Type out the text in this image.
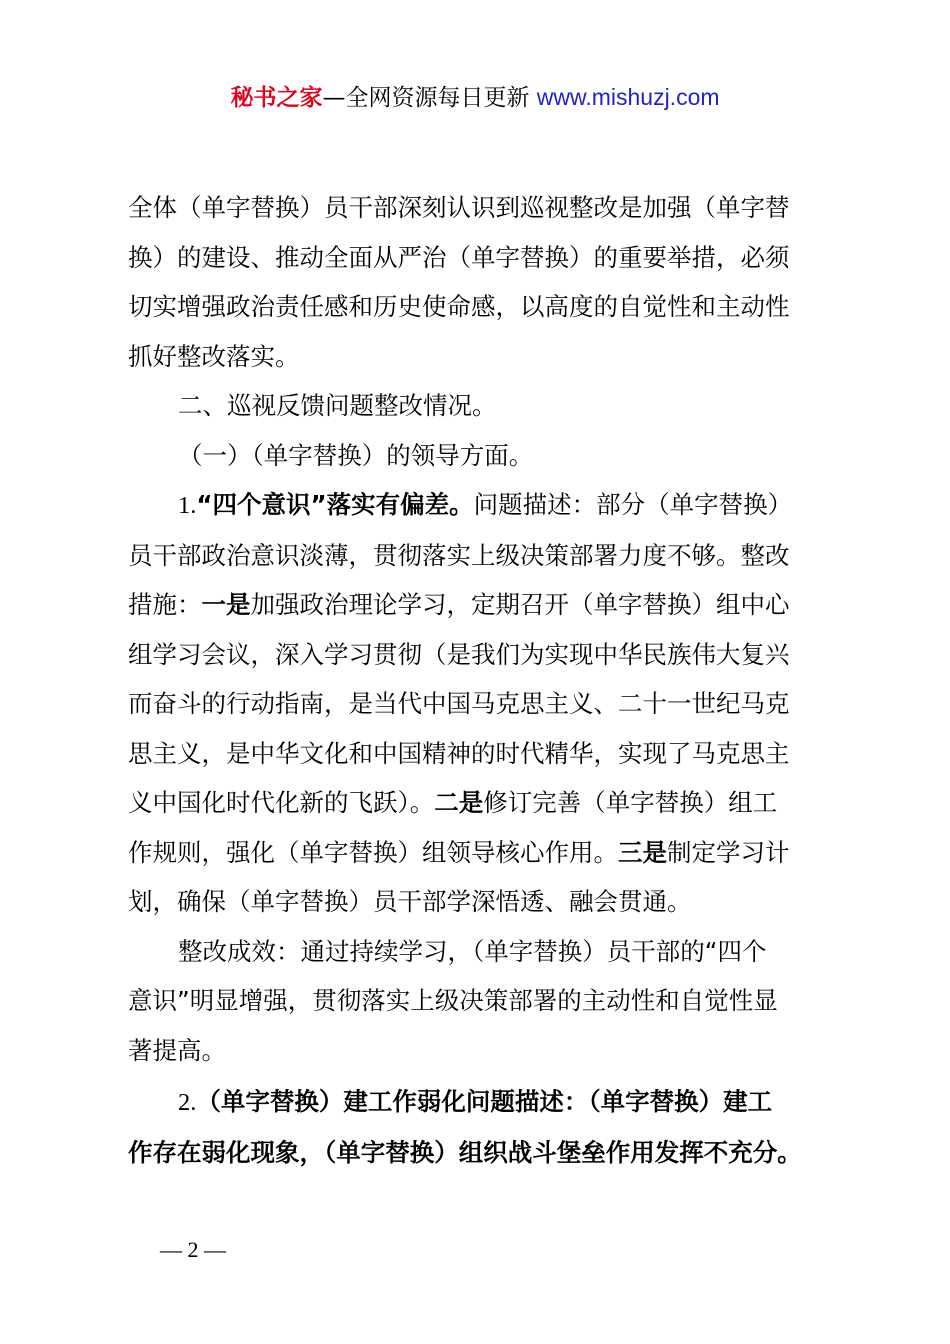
秘书之家—全网资源每日更新 www.mishuzj.com

全体（单字替换）员干部深刻认识到巡视整改是加强（单字替

换）的建设、推动全面从严治（单字替换）的重要举措，必须

切实增强政治责任感和历史使命感，以高度的自觉性和主动性

抓好整改落实。

二、巡视反馈问题整改情况。

（一）（单字替换）的领导方面。

1.“四个意识”落实有偏差。问题描述：部分（单字替换）

员干部政治意识淡薄，贯彻落实上级决策部署力度不够。整改

措施：一是加强政治理论学习，定期召开（单字替换）组中心

组学习会议，深入学习贯彻（是我们为实现中华民族伟大复兴

而奋斗的行动指南，是当代中国马克思主义、二十一世纪马克

思主义，是中华文化和中国精神的时代精华，实现了马克思主

义中国化时代化新的飞跃）。二是修订完善（单字替换）组工

作规则，强化（单字替换）组领导核心作用。三是制定学习计

划，确保（单字替换）员干部学深悟透、融会贯通。

整改成效：通过持续学习，（单字替换）员干部的“四个

意识”明显增强，贯彻落实上级决策部署的主动性和自觉性显

著提高。

2.（单字替换）建工作弱化问题描述：（单字替换）建工

作存在弱化现象，（单字替换）组织战斗堡垒作用发挥不充分。

— 2 —
